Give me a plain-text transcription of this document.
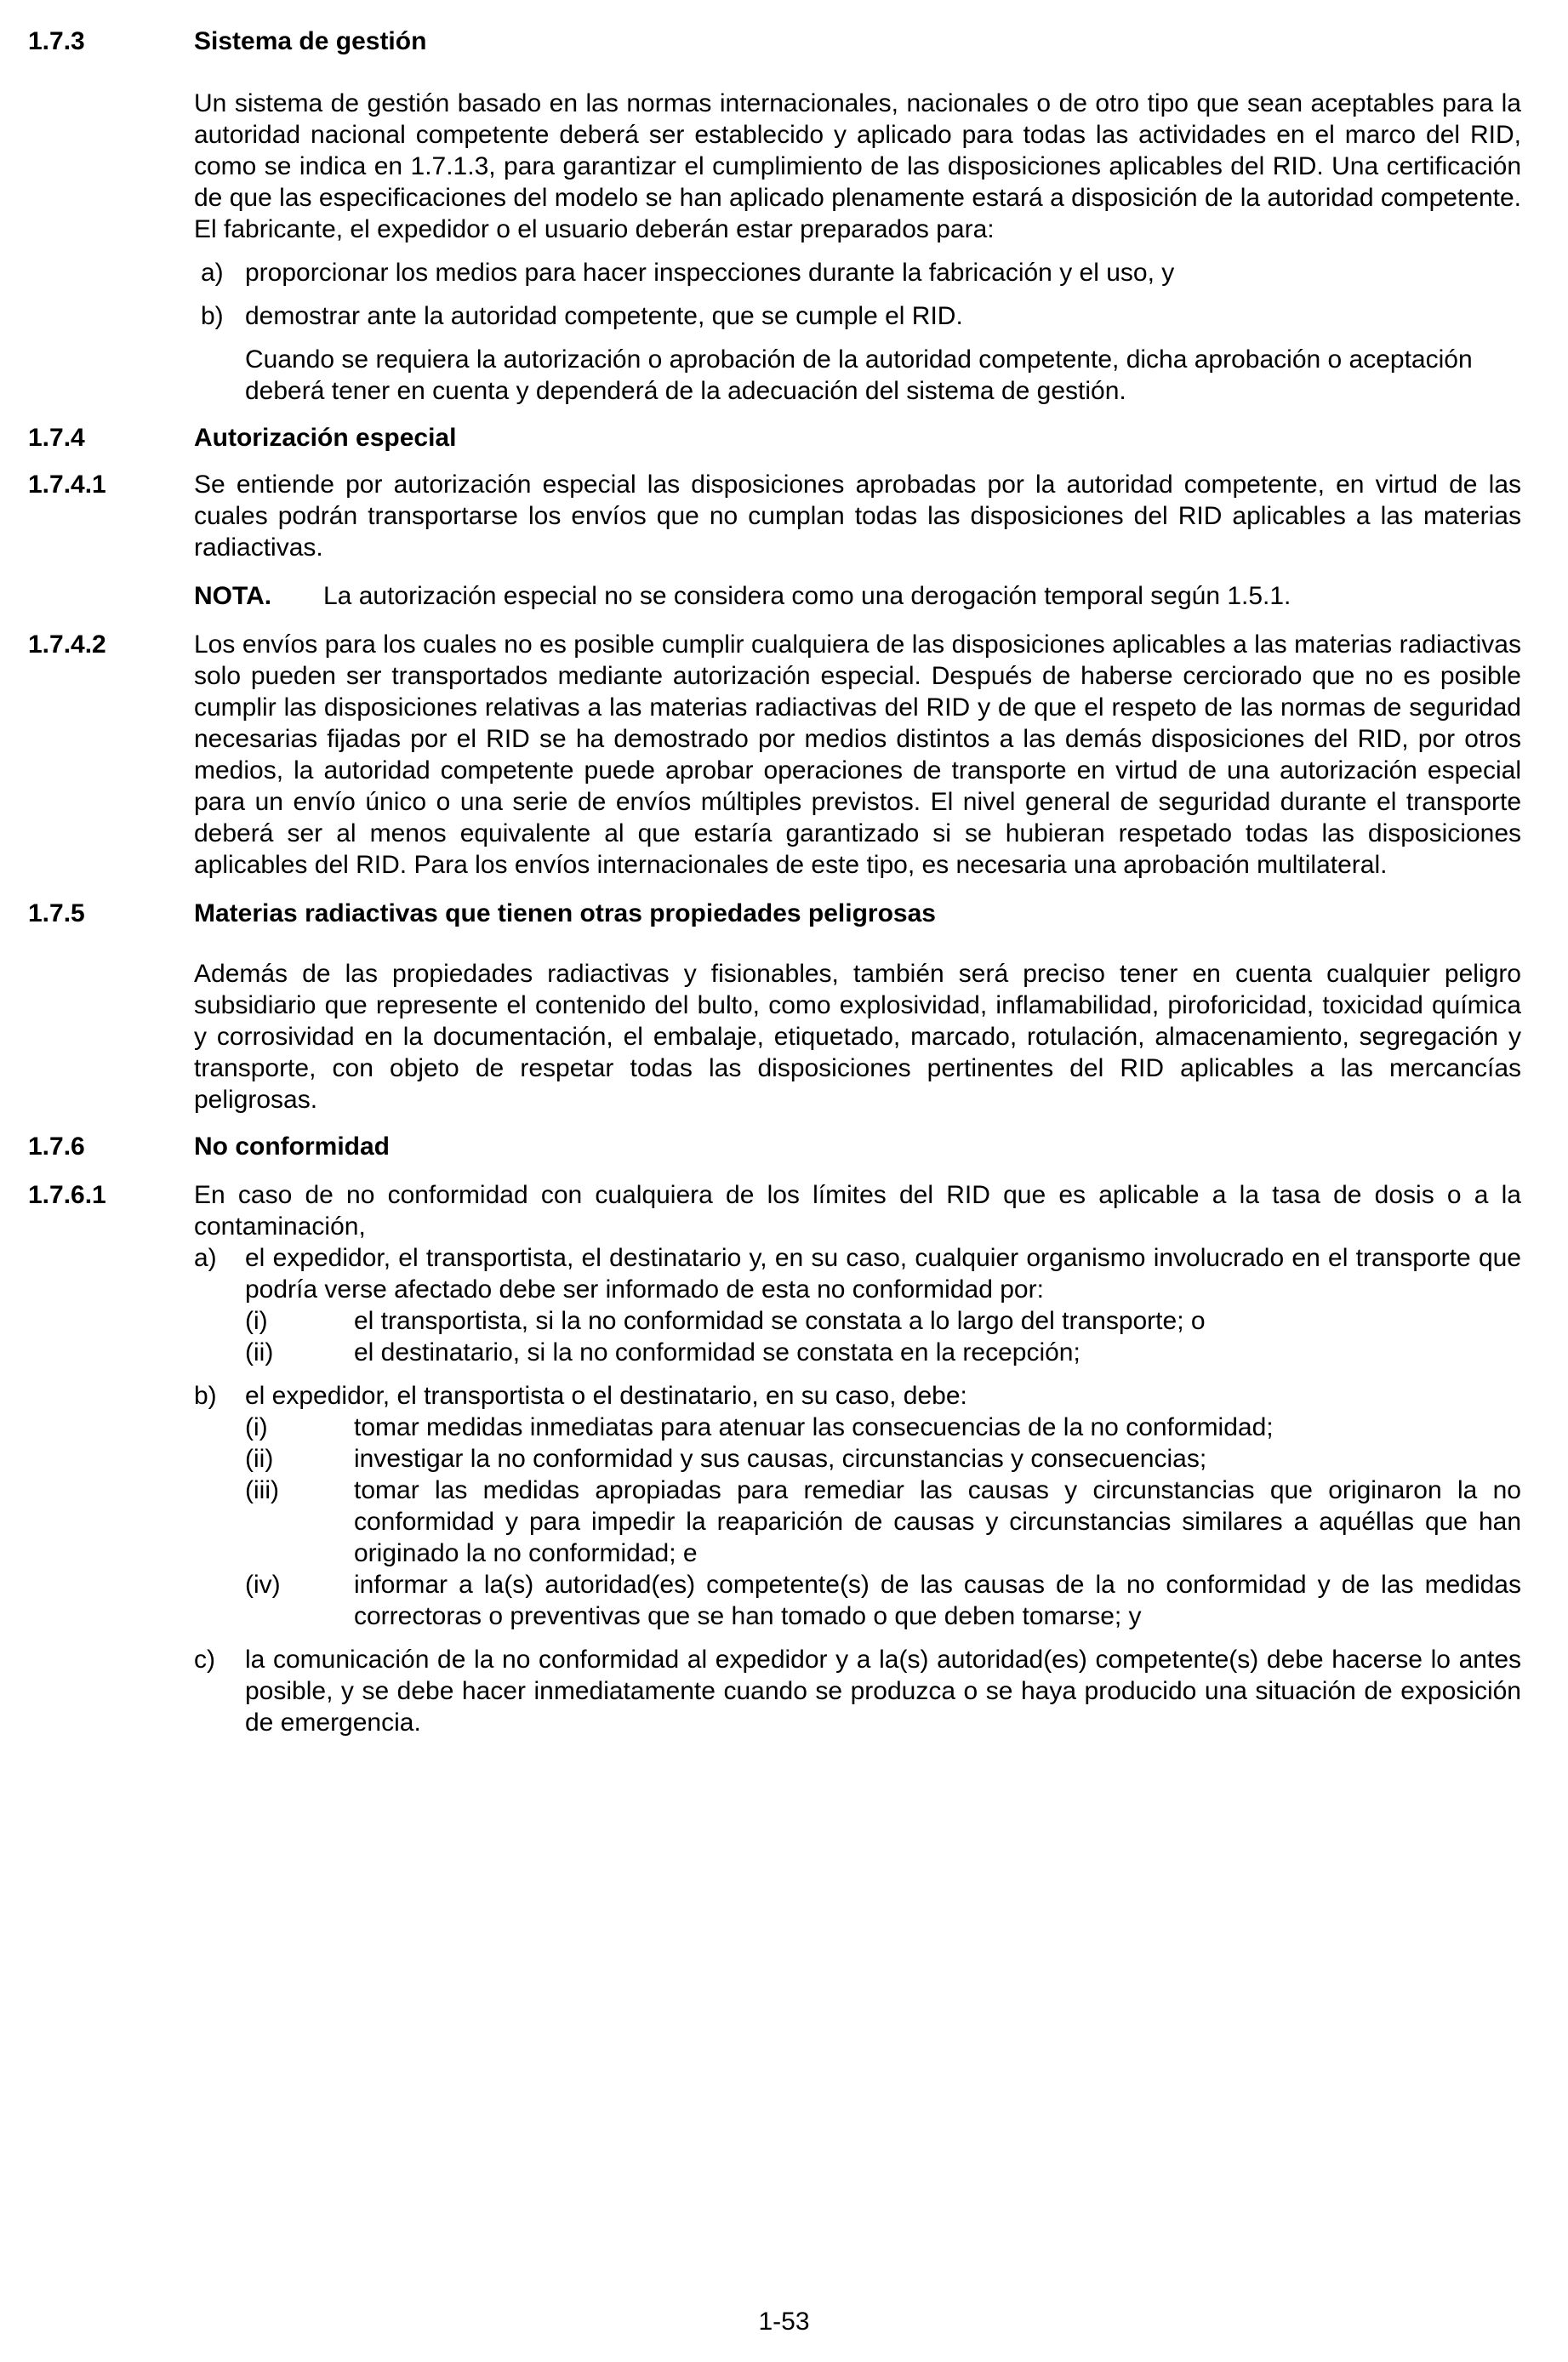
1.7.3	Sistema de gestión
Un sistema de gestión basado en las normas internacionales, nacionales o de otro tipo que sean aceptables para la autoridad nacional competente deberá ser establecido y aplicado para todas las actividades en el marco del RID, como se indica en 1.7.1.3, para garantizar el cumplimiento de las disposiciones aplicables del RID. Una certificación de que las especificaciones del modelo se han aplicado plenamente estará a disposición de la autoridad competente. El fabricante, el expedidor o el usuario deberán estar preparados para:
a) proporcionar los medios para hacer inspecciones durante la fabricación y el uso, y
b) demostrar ante la autoridad competente, que se cumple el RID.
Cuando se requiera la autorización o aprobación de la autoridad competente, dicha aprobación o aceptación deberá tener en cuenta y dependerá de la adecuación del sistema de gestión.
1.7.4	Autorización especial
1.7.4.1	Se entiende por autorización especial las disposiciones aprobadas por la autoridad competente, en virtud de las cuales podrán transportarse los envíos que no cumplan todas las disposiciones del RID aplicables a las materias radiactivas.
NOTA.	La autorización especial no se considera como una derogación temporal según 1.5.1.
1.7.4.2	Los envíos para los cuales no es posible cumplir cualquiera de las disposiciones aplicables a las materias radiactivas solo pueden ser transportados mediante autorización especial. Después de haberse cerciorado que no es posible cumplir las disposiciones relativas a las materias radiactivas del RID y de que el respeto de las normas de seguridad necesarias fijadas por el RID se ha demostrado por medios distintos a las demás disposiciones del RID, por otros medios, la autoridad competente puede aprobar operaciones de transporte en virtud de una autorización especial para un envío único o una serie de envíos múltiples previstos. El nivel general de seguridad durante el transporte deberá ser al menos equivalente al que estaría garantizado si se hubieran respetado todas las disposiciones aplicables del RID. Para los envíos internacionales de este tipo, es necesaria una aprobación multilateral.
1.7.5	Materias radiactivas que tienen otras propiedades peligrosas
Además de las propiedades radiactivas y fisionables, también será preciso tener en cuenta cualquier peligro subsidiario que represente el contenido del bulto, como explosividad, inflamabilidad, piroforicidad, toxicidad química y corrosividad en la documentación, el embalaje, etiquetado, marcado, rotulación, almacenamiento, segregación y transporte, con objeto de respetar todas las disposiciones pertinentes del RID aplicables a las mercancías peligrosas.
1.7.6	No conformidad
1.7.6.1	En caso de no conformidad con cualquiera de los límites del RID que es aplicable a la tasa de dosis o a la contaminación,
a)	el expedidor, el transportista, el destinatario y, en su caso, cualquier organismo involucrado en el transporte que podría verse afectado debe ser informado de esta no conformidad por:
(i)	el transportista, si la no conformidad se constata a lo largo del transporte; o
(ii)	el destinatario, si la no conformidad se constata en la recepción;
b)	el expedidor, el transportista o el destinatario, en su caso, debe:
(i)	tomar medidas inmediatas para atenuar las consecuencias de la no conformidad;
(ii)	investigar la no conformidad y sus causas, circunstancias y consecuencias;
(iii)	tomar las medidas apropiadas para remediar las causas y circunstancias que originaron la no conformidad y para impedir la reaparición de causas y circunstancias similares a aquéllas que han originado la no conformidad; e
(iv)	informar a la(s) autoridad(es) competente(s) de las causas de la no conformidad y de las medidas correctoras o preventivas que se han tomado o que deben tomarse; y
c)	la comunicación de la no conformidad al expedidor y a la(s) autoridad(es) competente(s) debe hacerse lo antes posible, y se debe hacer inmediatamente cuando se produzca o se haya producido una situación de exposición de emergencia.
1-53
